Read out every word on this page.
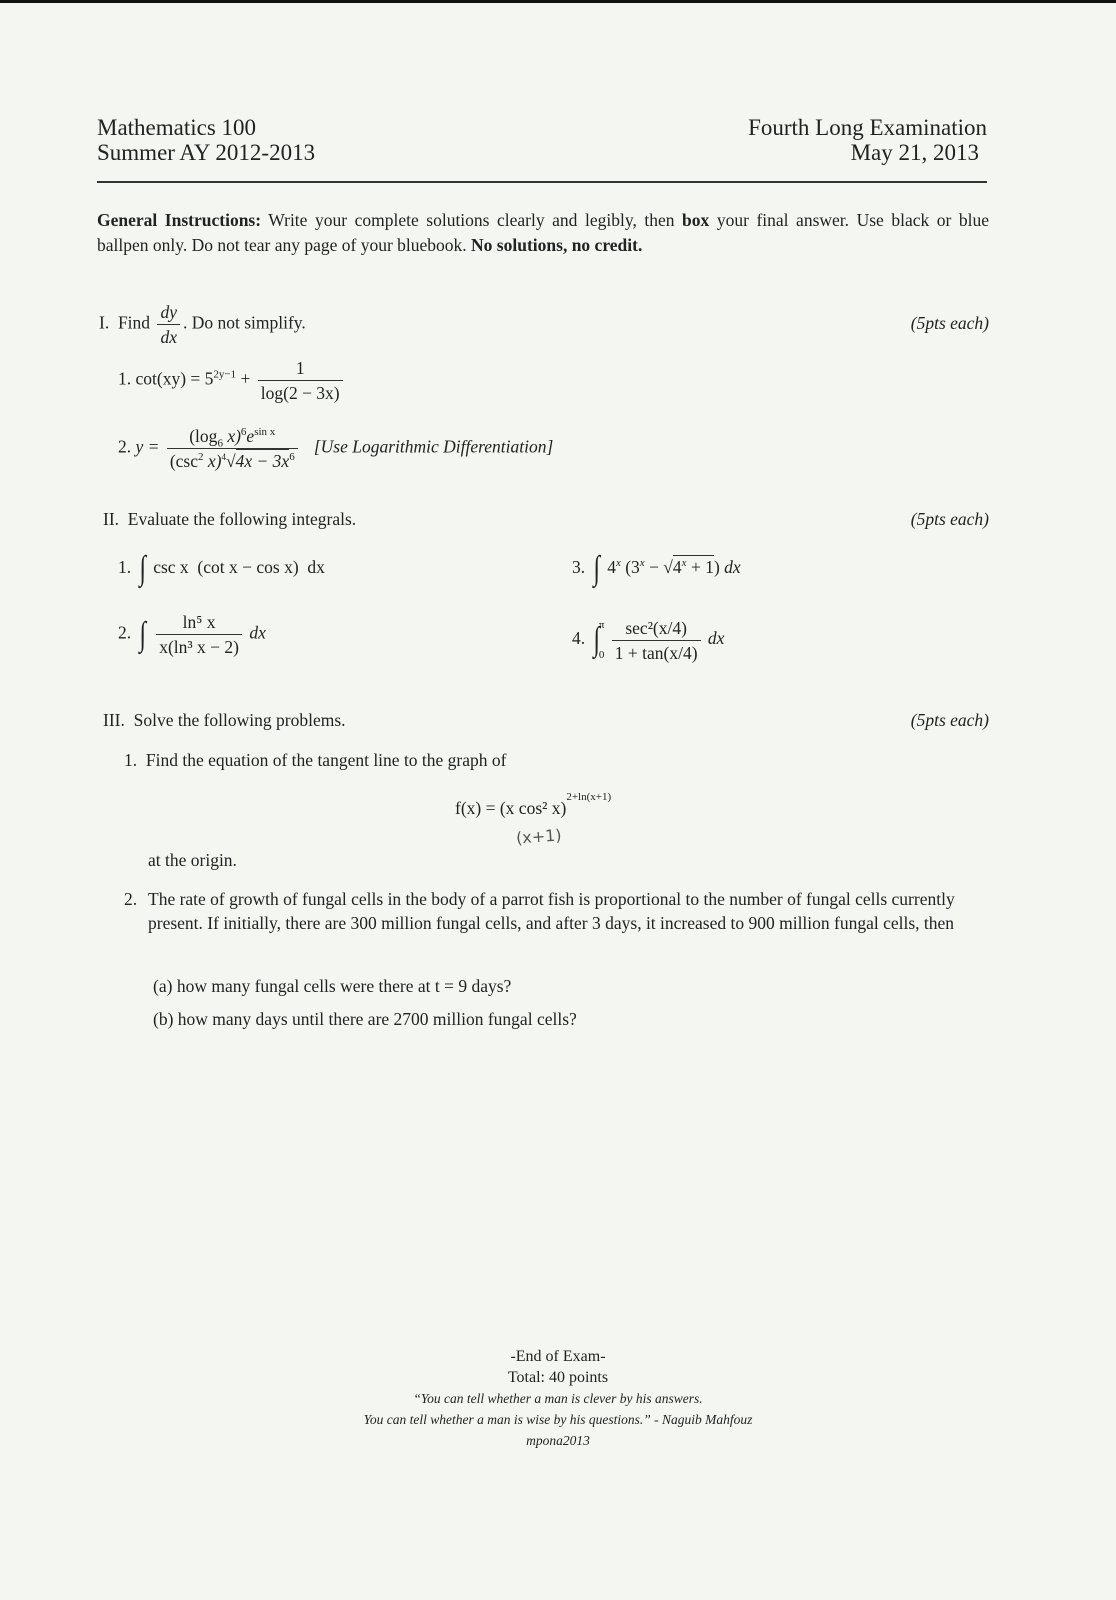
Mathematics 100
Summer AY 2012-2013
Fourth Long Examination
May 21, 2013
General Instructions: Write your complete solutions clearly and legibly, then box your final answer. Use black or blue ballpen only. Do not tear any page of your bluebook. No solutions, no credit.
I. Find $\frac{dy}{dx}$ . Do not simplify.	(5pts each)
1. $\cot(xy) = 5^{2y-1} + \frac{1}{\log(2 - 3x)}$
2. $y = \frac{(\log_6 x)^6e^{sin x}}{(\csc^2 x)^4√4x - 3x^6} [Use$ Logarithmic Differentiation]
II. Evaluate the following integrals.	(5pts each)
1. ∫ csc x  (cot x − cos x)  dx
2. ∫ $\frac{\text{ln⁵ x}}{\text{x(ln³ x − 2)}}$ dx
3. ∫ 4$^x$ $(3^x - √4^x + 1)$ dx
4. ∫ π
0
$\frac{\text{sec²(x/4)}}{1 + \tan(x/4)}$ dx
III. Solve the following problems.	(5pts each)
1. Find the equation of the tangent line to the graph of
f(x) = (x cos² x)$^{2+ln(x+1)}$
(x+1)
at the origin.
2. The rate of growth of fungal cells in the body of a parrot fish is proportional to the number of fungal cells currently present. If initially, there are 300 million fungal cells, and after 3 days, it increased to 900 million fungal cells, then
(a) how many fungal cells were there at t = 9 days?
(b) how many days until there are 2700 million fungal cells?
-End of Exam-
Total: 40 points
“You can tell whether a man is clever by his answers.
You can tell whether a man is wise by his questions.” - Naguib Mahfouz
mpona2013
